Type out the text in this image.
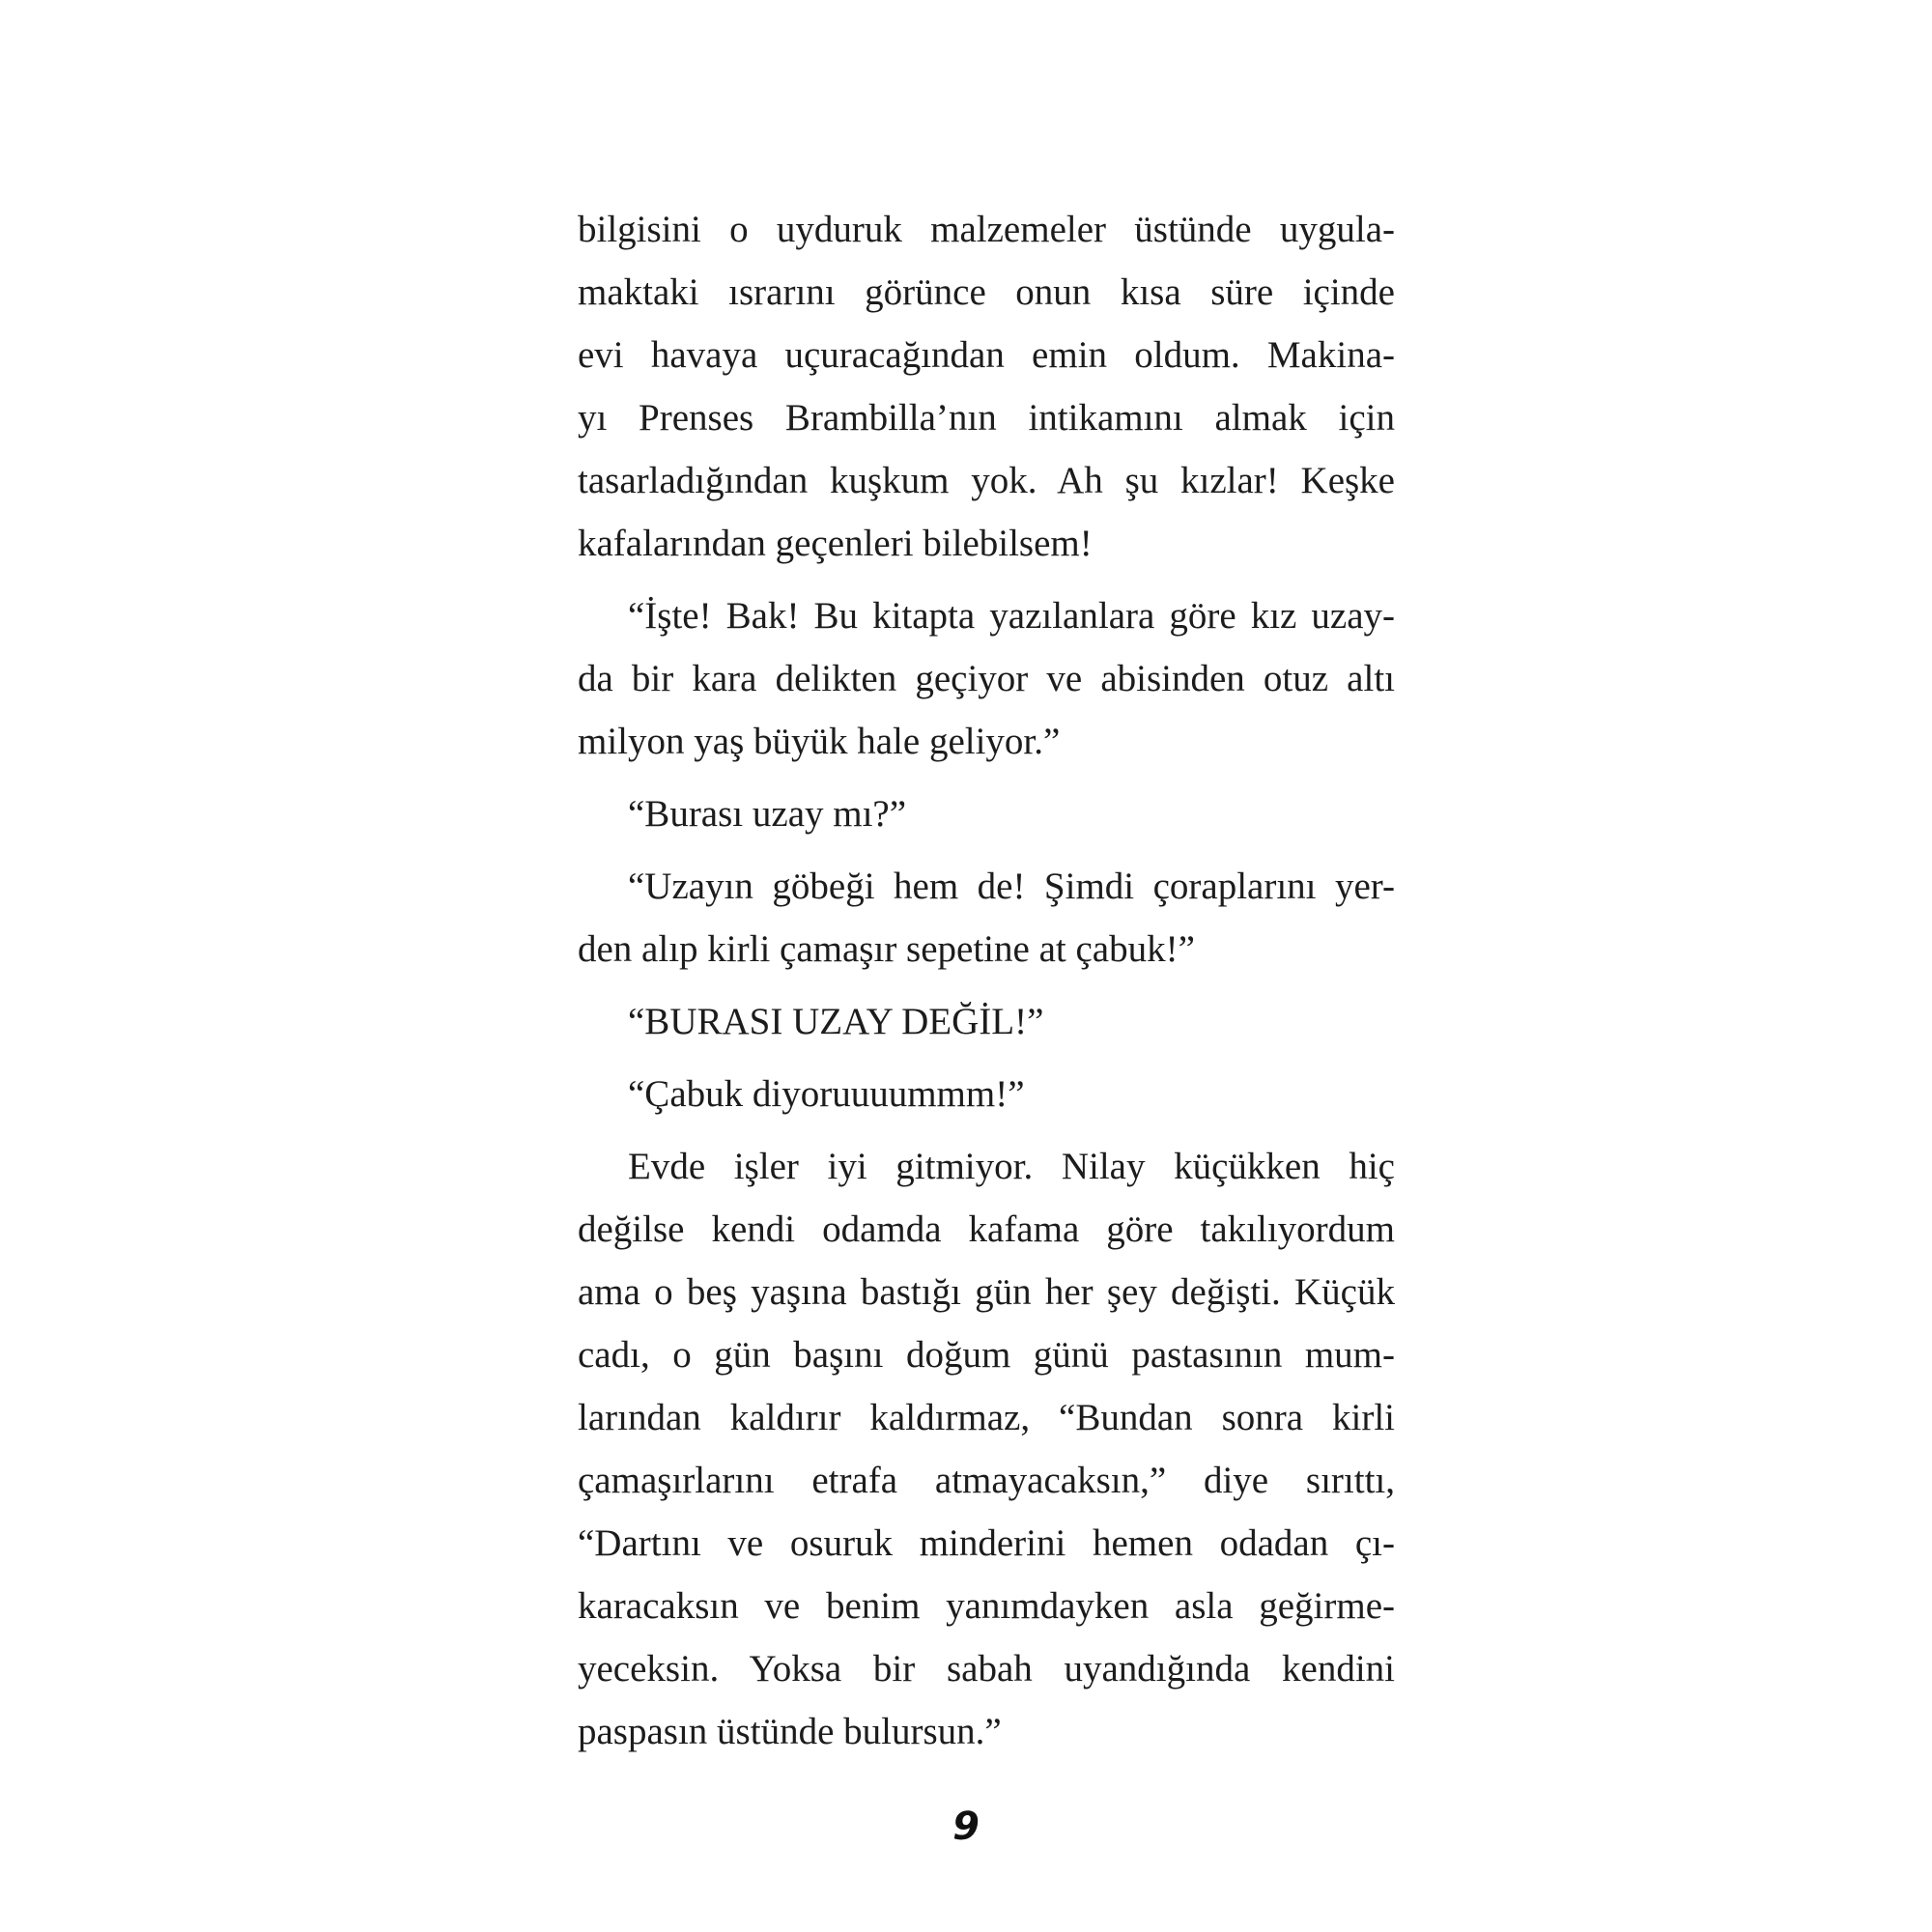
bilgisini o uyduruk malzemeler üstünde uygula-
maktaki ısrarını görünce onun kısa süre içinde
evi havaya uçuracağından emin oldum. Makina-
yı Prenses Brambilla’nın intikamını almak için
tasarladığından kuşkum yok. Ah şu kızlar! Keşke
kafalarından geçenleri bilebilsem!
“İşte! Bak! Bu kitapta yazılanlara göre kız uzay-
da bir kara delikten geçiyor ve abisinden otuz altı
milyon yaş büyük hale geliyor.”
“Burası uzay mı?”
“Uzayın göbeği hem de! Şimdi çoraplarını yer-
den alıp kirli çamaşır sepetine at çabuk!”
“BURASI UZAY DEĞİL!”
“Çabuk diyoruuuummm!”
Evde işler iyi gitmiyor. Nilay küçükken hiç
değilse kendi odamda kafama göre takılıyordum
ama o beş yaşına bastığı gün her şey değişti. Küçük
cadı, o gün başını doğum günü pastasının mum-
larından kaldırır kaldırmaz, “Bundan sonra kirli
çamaşırlarını etrafa atmayacaksın,” diye sırıttı,
“Dartını ve osuruk minderini hemen odadan çı-
karacaksın ve benim yanımdayken asla geğirme-
yeceksin. Yoksa bir sabah uyandığında kendini
paspasın üstünde bulursun.”
9
